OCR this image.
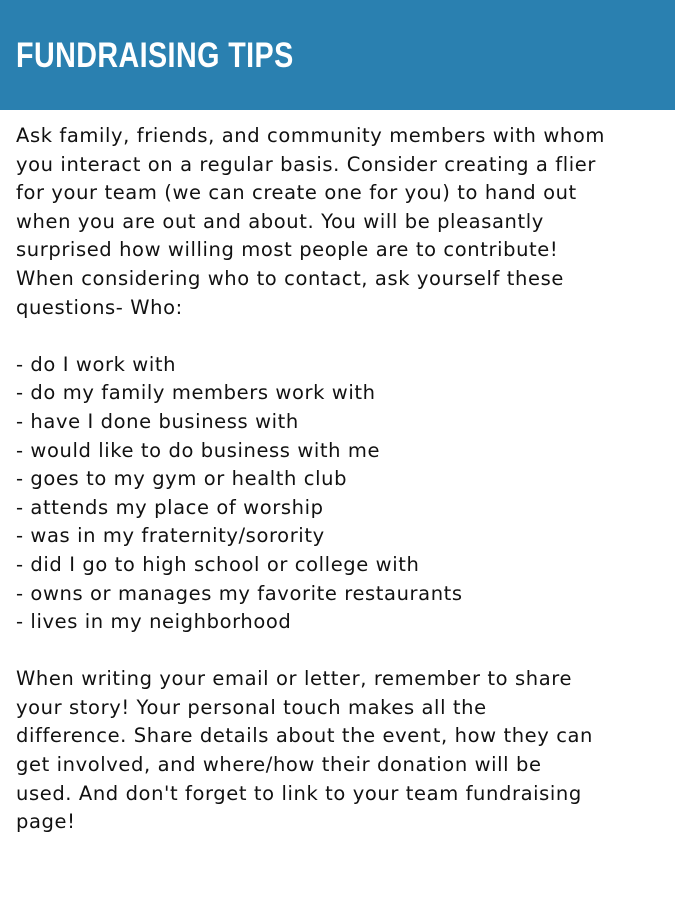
FUNDRAISING TIPS
Ask family, friends, and community members with whom
you interact on a regular basis. Consider creating a flier
for your team (we can create one for you) to hand out
when you are out and about. You will be pleasantly
surprised how willing most people are to contribute!
When considering who to contact, ask yourself these
questions- Who:
- do I work with
- do my family members work with
- have I done business with
- would like to do business with me
- goes to my gym or health club
- attends my place of worship
- was in my fraternity/sorority
- did I go to high school or college with
- owns or manages my favorite restaurants
- lives in my neighborhood
When writing your email or letter, remember to share
your story! Your personal touch makes all the
difference. Share details about the event, how they can
get involved, and where/how their donation will be
used. And don't forget to link to your team fundraising
page!
